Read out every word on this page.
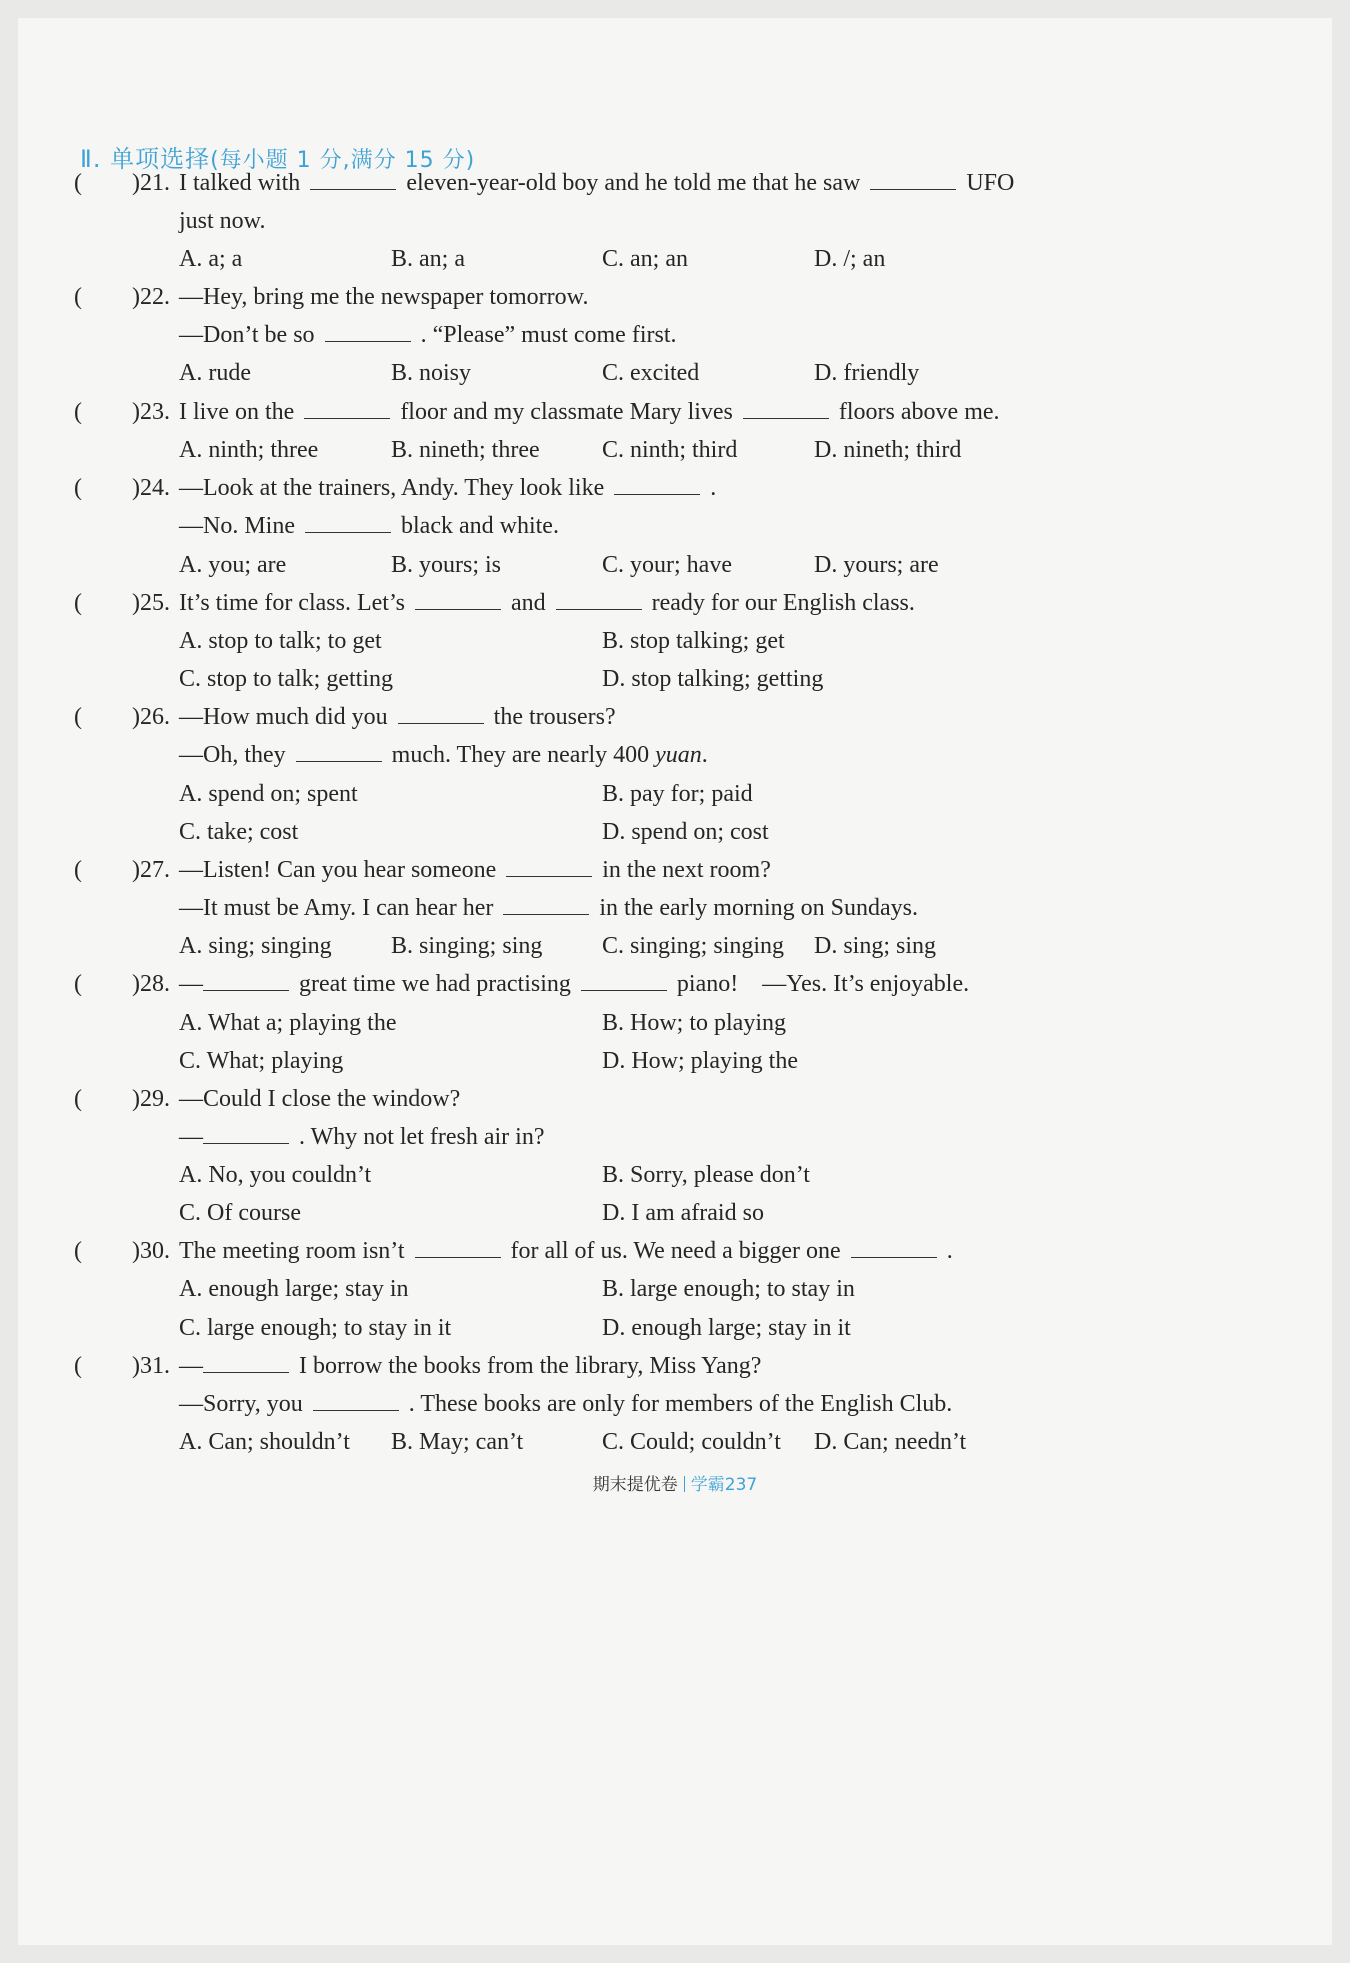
Ⅱ. 单项选择(每小题 1 分,满分 15 分)
( )21. I talked with	eleven-year-old boy and he told me that he saw	UFO
just now.
A. a; a	B. an; a	C. an; an	D. /; an
( )22. —Hey, bring me the newspaper tomorrow.
—Don’t be so	. “Please” must come first.
A. rude	B. noisy	C. excited	D. friendly
( )23. I live on the	floor and my classmate Mary lives	floors above me.
A. ninth; three	B. nineth; three	C. ninth; third	D. nineth; third
( )24. —Look at the trainers, Andy. They look like	.
—No. Mine	black and white.
A. you; are	B. yours; is	C. your; have	D. yours; are
( )25. It’s time for class. Let’s	and	ready for our English class.
A. stop to talk; to get	B. stop talking; get
C. stop to talk; getting	D. stop talking; getting
( )26. —How much did you	the trousers?
—Oh, they	much. They are nearly 400 yuan.
A. spend on; spent	B. pay for; paid
C. take; cost	D. spend on; cost
( )27. —Listen! Can you hear someone	in the next room?
—It must be Amy. I can hear her	in the early morning on Sundays.
A. sing; singing B. singing; sing C. singing; singing D. sing; sing
( )28. —	great time we had practising	piano! —Yes. It’s enjoyable.
A. What a; playing the	B. How; to playing
C. What; playing	D. How; playing the
( )29. —Could I close the window?
—	. Why not let fresh air in?
A. No, you couldn’t	B. Sorry, please don’t
C. Of course	D. I am afraid so
( )30. The meeting room isn’t	for all of us. We need a bigger one	.
A. enough large; stay in	B. large enough; to stay in
C. large enough; to stay in it	D. enough large; stay in it
( )31. —	I borrow the books from the library, Miss Yang?
—Sorry, you	. These books are only for members of the English Club.
A. Can; shouldn’t B. May; can’t	C. Could; couldn’t D. Can; needn’t
期末提优卷 学霸237
